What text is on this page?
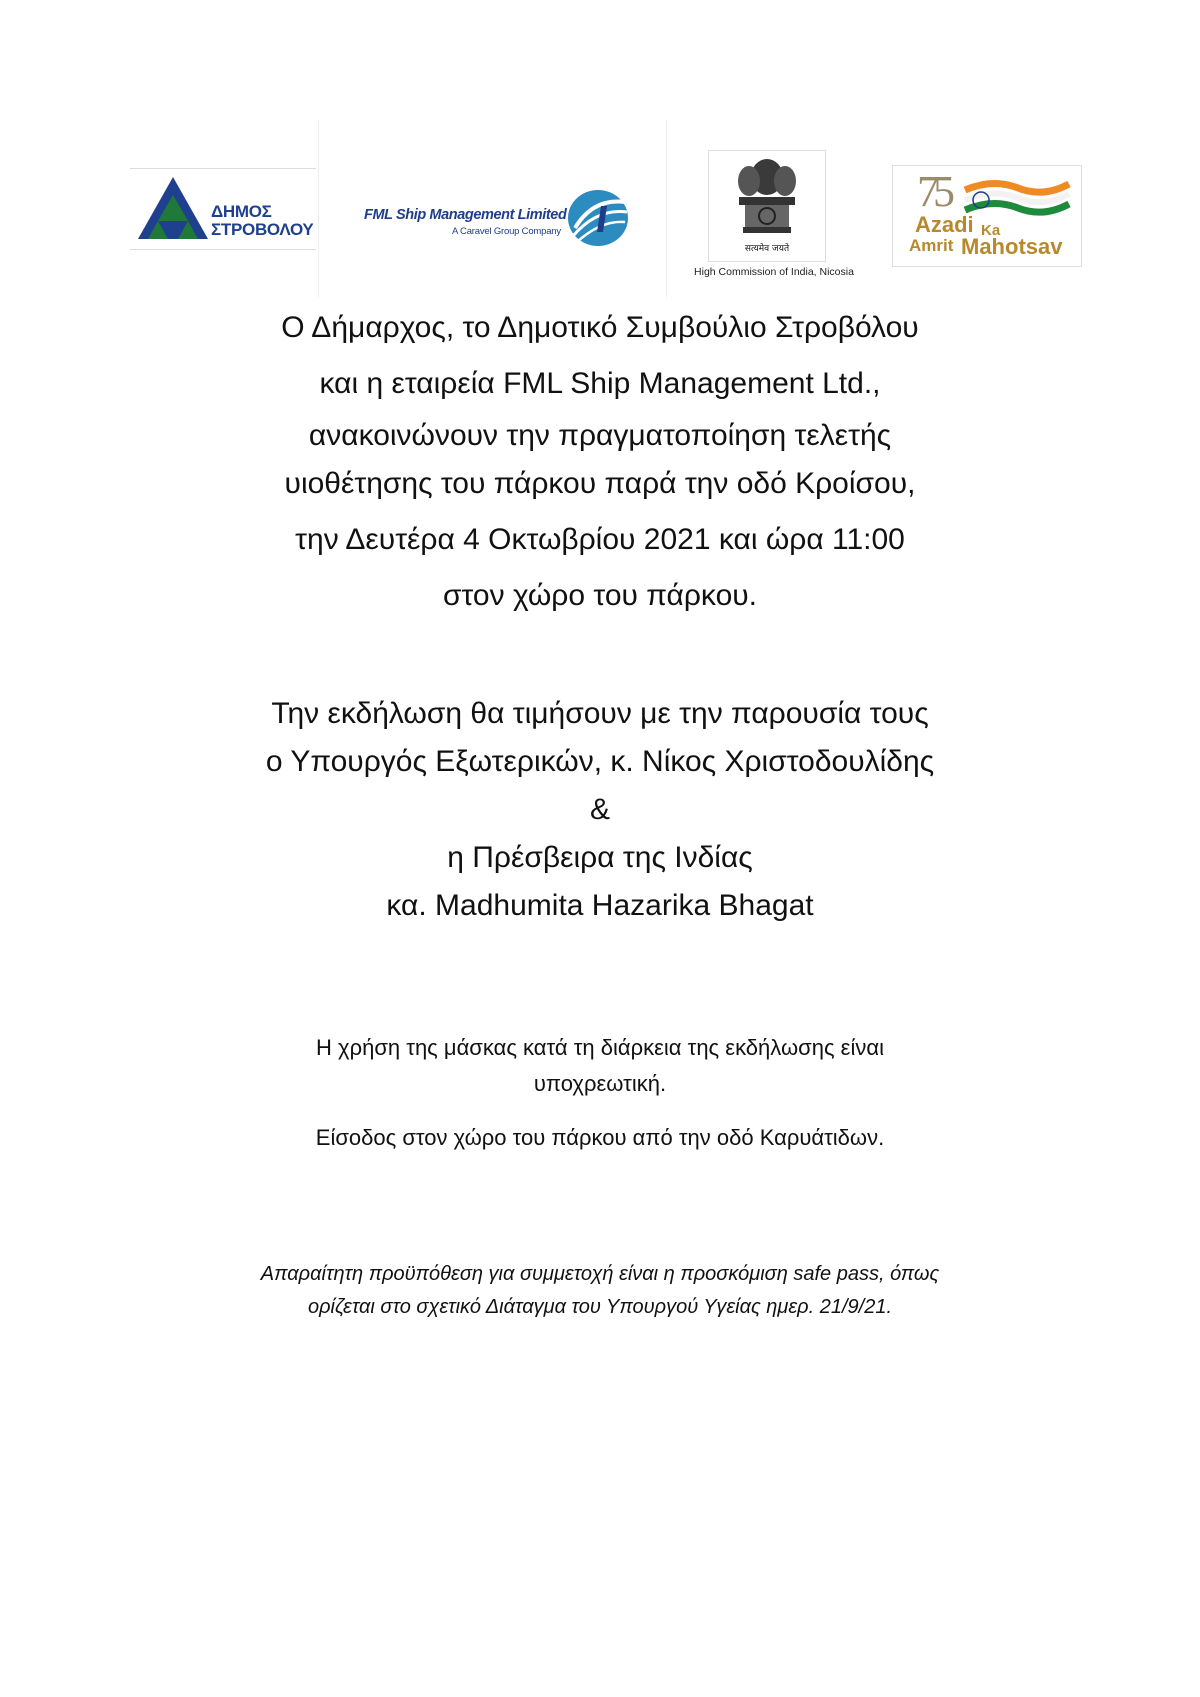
ΔΗΜΟΣ
ΣΤΡΟΒΟΛΟΥ
FML Ship Management Limited
A Caravel Group Company
सत्यमेव जयते
High Commission of India, Nicosia
75
Azadi Ka
Amrit Mahotsav

Ο Δήμαρχος, το Δημοτικό Συμβούλιο Στροβόλου

και η εταιρεία FML Ship Management Ltd.,

ανακοινώνουν την πραγματοποίηση τελετής

υιοθέτησης του πάρκου παρά την οδό Κροίσου,

την Δευτέρα 4 Οκτωβρίου 2021 και ώρα 11:00

στον χώρο του πάρκου.

Την εκδήλωση θα τιμήσουν με την παρουσία τους

ο Υπουργός Εξωτερικών, κ. Νίκος Χριστοδουλίδης

&

η Πρέσβειρα της Ινδίας

κα. Madhumita Hazarika Bhagat

Η χρήση της μάσκας κατά τη διάρκεια της εκδήλωσης είναι

υποχρεωτική.

Είσοδος στον χώρο του πάρκου από την οδό Καρυάτιδων.

Απαραίτητη προϋπόθεση για συμμετοχή είναι η προσκόμιση safe pass, όπως

ορίζεται στο σχετικό Διάταγμα του Υπουργού Υγείας ημερ. 21/9/21.
